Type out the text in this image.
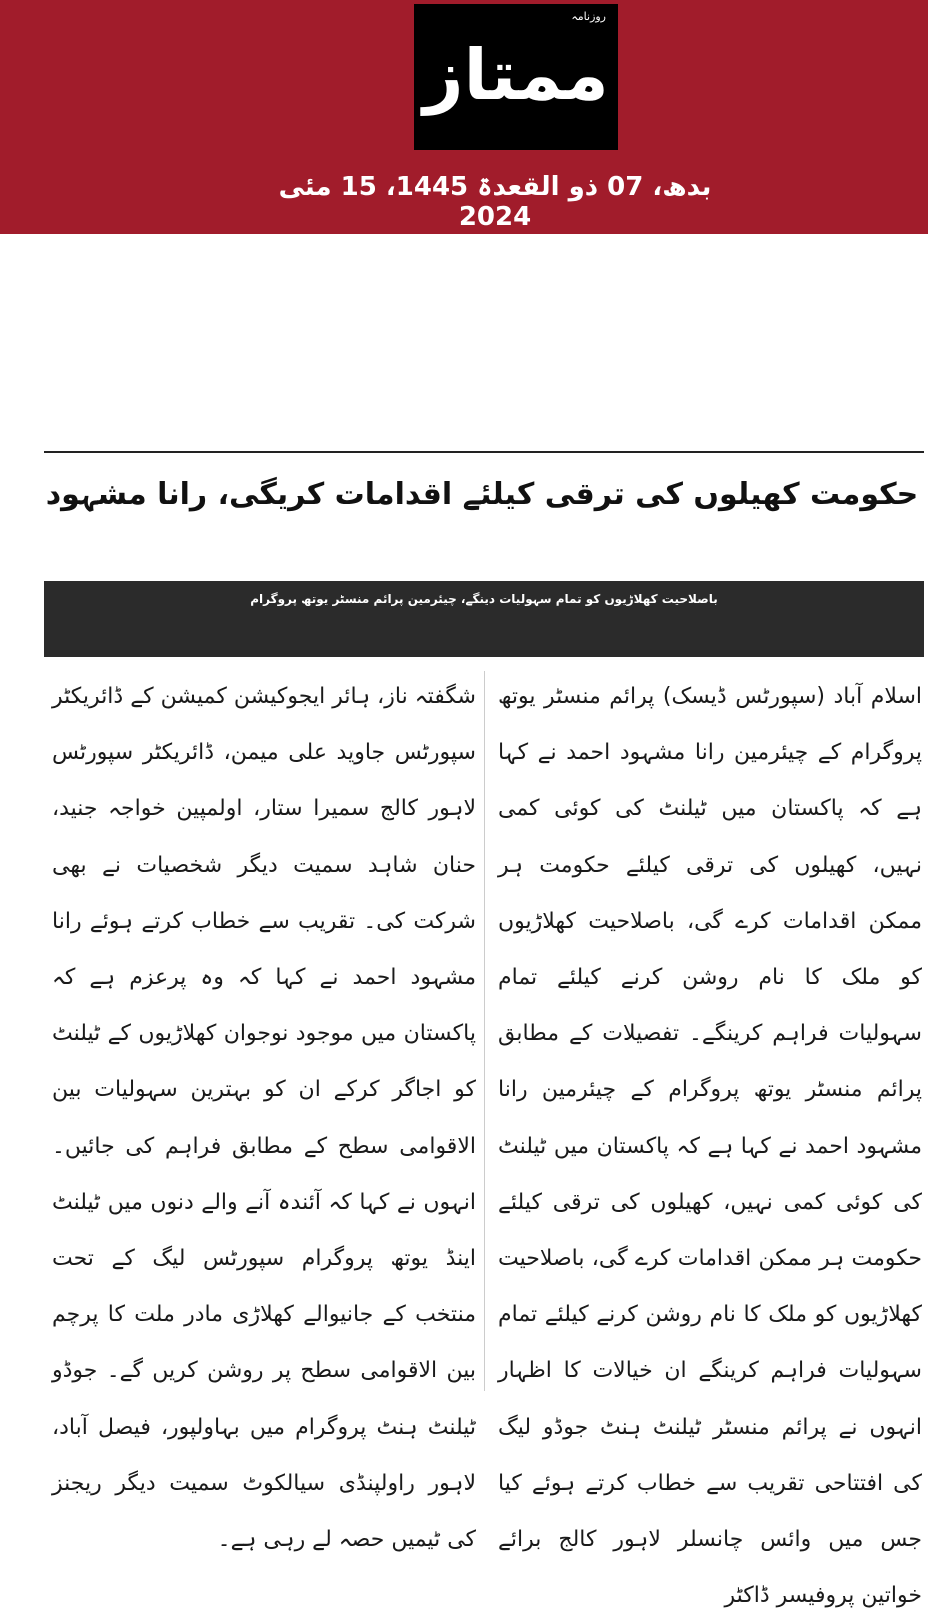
روزنامہ
ممتاز
بدھ، 07 ذو القعدۃ 1445، 15 مئی 2024
حکومت کھیلوں کی ترقی کیلئے اقدامات کریگی، رانا مشہود
باصلاحیت کھلاڑیوں کو تمام سہولیات دینگے، چیئرمین پرائم منسٹر یوتھ پروگرام
اسلام آباد (سپورٹس ڈیسک) پرائم منسٹر یوتھ پروگرام کے چیئرمین رانا مشہود احمد نے کہا ہے کہ پاکستان میں ٹیلنٹ کی کوئی کمی نہیں، کھیلوں کی ترقی کیلئے حکومت ہر ممکن اقدامات کرے گی، باصلاحیت کھلاڑیوں کو ملک کا نام روشن کرنے کیلئے تمام سہولیات فراہم کرینگے۔ تفصیلات کے مطابق پرائم منسٹر یوتھ پروگرام کے چیئرمین رانا مشہود احمد نے کہا ہے کہ پاکستان میں ٹیلنٹ کی کوئی کمی نہیں، کھیلوں کی ترقی کیلئے حکومت ہر ممکن اقدامات کرے گی، باصلاحیت کھلاڑیوں کو ملک کا نام روشن کرنے کیلئے تمام سہولیات فراہم کرینگے ان خیالات کا اظہار انہوں نے پرائم منسٹر ٹیلنٹ ہنٹ جوڈو لیگ کی افتتاحی تقریب سے خطاب کرتے ہوئے کیا جس میں وائس چانسلر لاہور کالج برائے خواتین پروفیسر ڈاکٹر
شگفتہ ناز، ہائر ایجوکیشن کمیشن کے ڈائریکٹر سپورٹس جاوید علی میمن، ڈائریکٹر سپورٹس لاہور کالج سمیرا ستار، اولمپین خواجہ جنید، حنان شاہد سمیت دیگر شخصیات نے بھی شرکت کی۔ تقریب سے خطاب کرتے ہوئے رانا مشہود احمد نے کہا کہ وہ پرعزم ہے کہ پاکستان میں موجود نوجوان کھلاڑیوں کے ٹیلنٹ کو اجاگر کرکے ان کو بہترین سہولیات بین الاقوامی سطح کے مطابق فراہم کی جائیں۔ انہوں نے کہا کہ آئندہ آنے والے دنوں میں ٹیلنٹ اینڈ یوتھ پروگرام سپورٹس لیگ کے تحت منتخب کے جانیوالے کھلاڑی مادر ملت کا پرچم بین الاقوامی سطح پر روشن کریں گے۔ جوڈو ٹیلنٹ ہنٹ پروگرام میں بہاولپور، فیصل آباد، لاہور راولپنڈی سیالکوٹ سمیت دیگر ریجنز کی ٹیمیں حصہ لے رہی ہے۔
